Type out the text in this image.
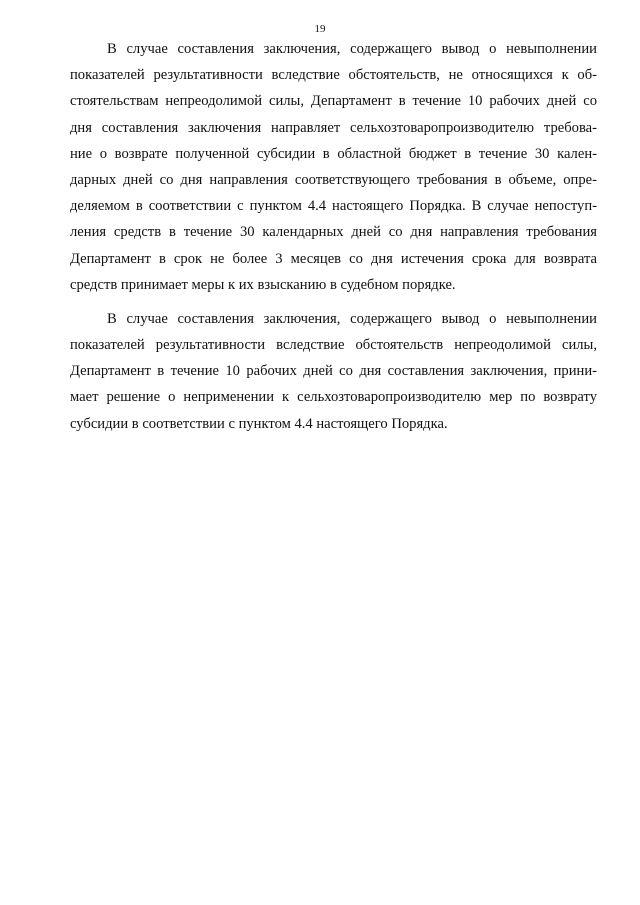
19
В случае составления заключения, содержащего вывод о невыполнении
показателей результативности вследствие обстоятельств, не относящихся к об-
стоятельствам непреодолимой силы, Департамент в течение 10 рабочих дней со
дня составления заключения направляет сельхозтоваропроизводителю требова-
ние о возврате полученной субсидии в областной бюджет в течение 30 кален-
дарных дней со дня направления соответствующего требования в объеме, опре-
деляемом в соответствии с пунктом 4.4 настоящего Порядка. В случае непоступ-
ления средств в течение 30 календарных дней со дня направления требования
Департамент в срок не более 3 месяцев со дня истечения срока для возврата
средств принимает меры к их взысканию в судебном порядке.
В случае составления заключения, содержащего вывод о невыполнении
показателей результативности вследствие обстоятельств непреодолимой силы,
Департамент в течение 10 рабочих дней со дня составления заключения, прини-
мает решение о неприменении к сельхозтоваропроизводителю мер по возврату
субсидии в соответствии с пунктом 4.4 настоящего Порядка.
